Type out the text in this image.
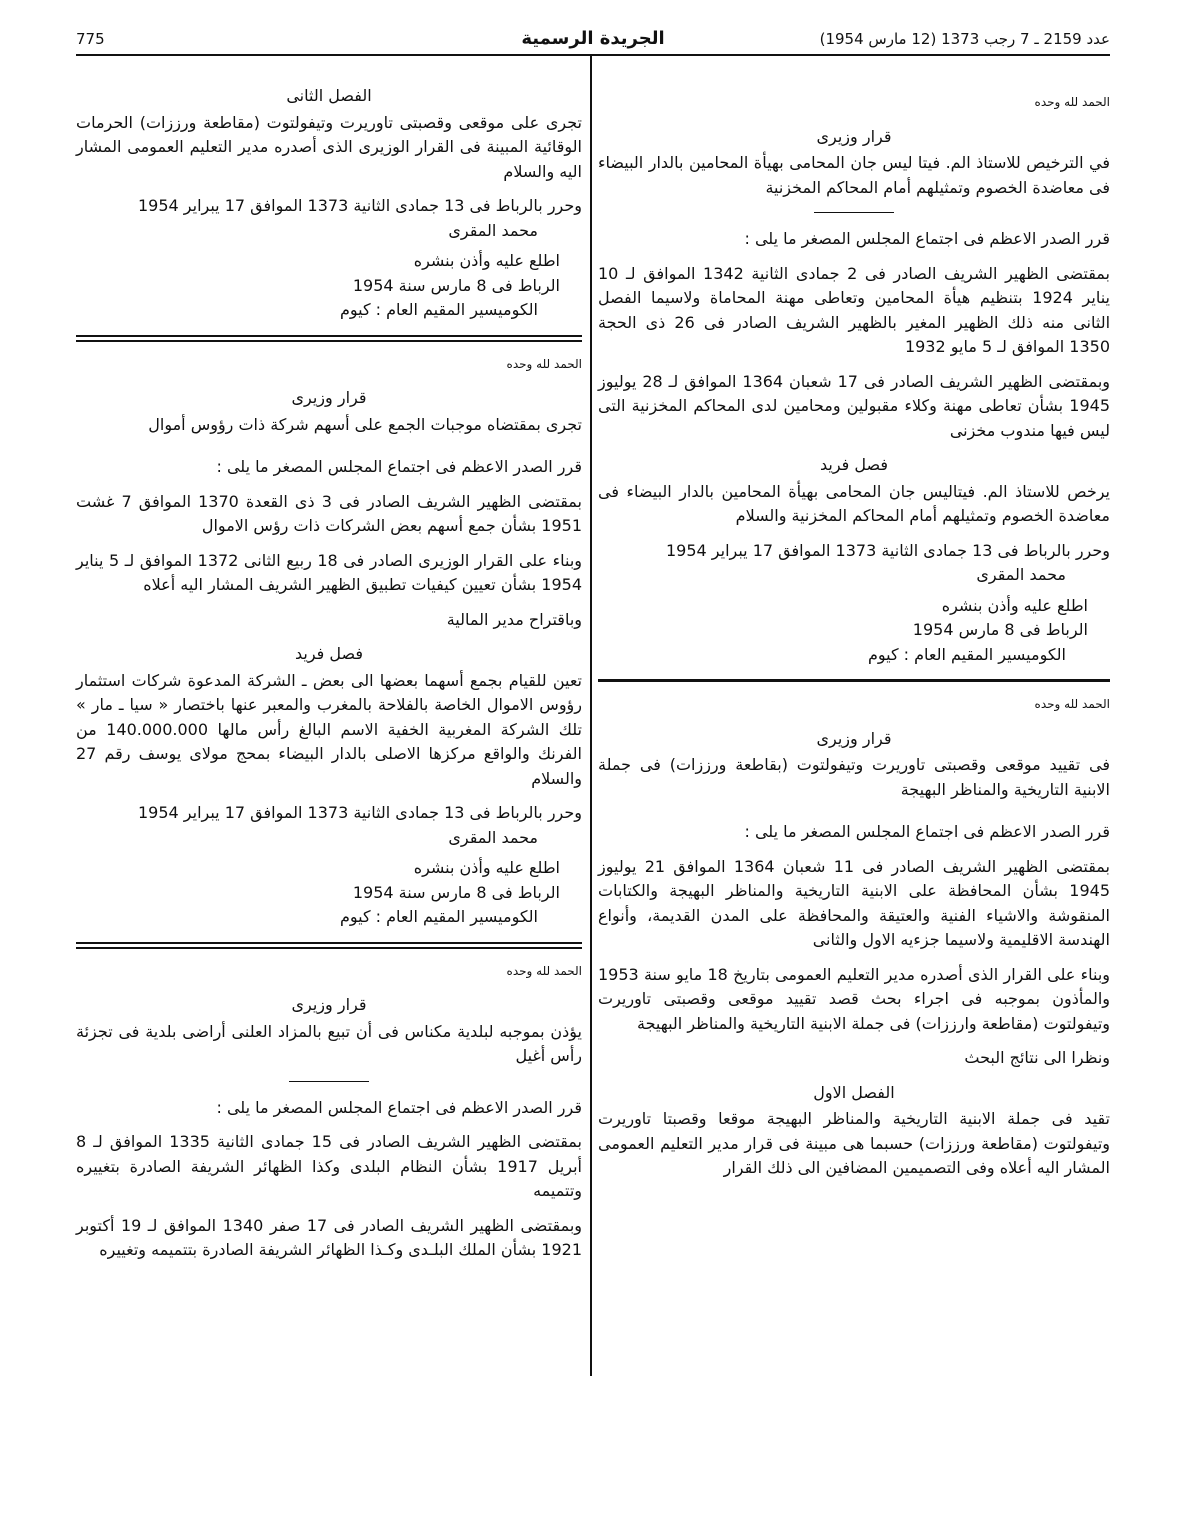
775	الجريدة الرسمية	عدد 2159 ـ 7 رجب 1373 (12 مارس 1954)
الحمد لله وحده
قرار وزيرى
في الترخيص للاستاذ الم. فيتا ليس جان المحامى بهيأة المحامين بالدار البيضاء فى معاضدة الخصوم وتمثيلهم أمام المحاكم المخزنية
قرر الصدر الاعظم فى اجتماع المجلس المصغر ما يلى :
بمقتضى الظهير الشريف الصادر فى 2 جمادى الثانية 1342 الموافق لـ 10 يناير 1924 بتنظيم هيأة المحامين وتعاطى مهنة المحاماة ولاسيما الفصل الثانى منه ذلك الظهير المغير بالظهير الشريف الصادر فى 26 ذى الحجة 1350 الموافق لـ 5 مايو 1932
وبمقتضى الظهير الشريف الصادر فى 17 شعبان 1364 الموافق لـ 28 يوليوز 1945 بشأن تعاطى مهنة وكلاء مقبولين ومحامين لدى المحاكم المخزنية التى ليس فيها مندوب مخزنى
فصل فريد
يرخص للاستاذ الم. فيتاليس جان المحامى بهيأة المحامين بالدار البيضاء فى معاضدة الخصوم وتمثيلهم أمام المحاكم المخزنية والسلام
وحرر بالرباط فى 13 جمادى الثانية 1373 الموافق 17 يبراير 1954
محمد المقرى
اطلع عليه وأذن بنشره
الرباط فى 8 مارس 1954
الكوميسير المقيم العام : كيوم
الحمد لله وحده
قرار وزيرى
فى تقييد موقعى وقصبتى تاوريرت وتيفولتوت (بقاطعة ورززات) فى جملة الابنية التاريخية والمناظر البهيجة
قرر الصدر الاعظم فى اجتماع المجلس المصغر ما يلى :
بمقتضى الظهير الشريف الصادر فى 11 شعبان 1364 الموافق 21 يوليوز 1945 بشأن المحافظة على الابنية التاريخية والمناظر البهيجة والكتابات المنقوشة والاشياء الفنية والعتيقة والمحافظة على المدن القديمة، وأنواع الهندسة الاقليمية ولاسيما جزءيه الاول والثانى
وبناء على القرار الذى أصدره مدير التعليم العمومى بتاريخ 18 مايو سنة 1953 والمأذون بموجبه فى اجراء بحث قصد تقييد موقعى وقصبتى تاوريرت وتيفولتوت (مقاطعة وارززات) فى جملة الابنية التاريخية والمناظر البهيجة
ونظرا الى نتائج البحث
الفصل الاول
تقيد فى جملة الابنية التاريخية والمناظر البهيجة موقعا وقصبتا تاوريرت وتيفولتوت (مقاطعة ورززات) حسبما هى مبينة فى قرار مدير التعليم العمومى المشار اليه أعلاه وفى التصميمين المضافين الى ذلك القرار
الفصل الثانى
تجرى على موقعى وقصبتى تاوريرت وتيفولتوت (مقاطعة ورززات) الحرمات الوقائية المبينة فى القرار الوزيرى الذى أصدره مدير التعليم العمومى المشار اليه والسلام
وحرر بالرباط فى 13 جمادى الثانية 1373 الموافق 17 يبراير 1954
محمد المقرى
اطلع عليه وأذن بنشره
الرباط فى 8 مارس سنة 1954
الكوميسير المقيم العام : كيوم
الحمد لله وحده
قرار وزيرى
تجرى بمقتضاه موجبات الجمع على أسهم شركة ذات رؤوس أموال
قرر الصدر الاعظم فى اجتماع المجلس المصغر ما يلى :
بمقتضى الظهير الشريف الصادر فى 3 ذى القعدة 1370 الموافق 7 غشت 1951 بشأن جمع أسهم بعض الشركات ذات رؤس الاموال
وبناء على القرار الوزيرى الصادر فى 18 ربيع الثانى 1372 الموافق لـ 5 يناير 1954 بشأن تعيين كيفيات تطبيق الظهير الشريف المشار اليه أعلاه
وباقتراح مدير المالية
فصل فريد
تعين للقيام بجمع أسهما بعضها الى بعض ـ الشركة المدعوة شركات استثمار رؤوس الاموال الخاصة بالفلاحة بالمغرب والمعبر عنها باختصار « سيا ـ مار » تلك الشركة المغربية الخفية الاسم البالغ رأس مالها 140.000.000 من الفرنك والواقع مركزها الاصلى بالدار البيضاء بمحج مولاى يوسف رقم 27 والسلام
وحرر بالرباط فى 13 جمادى الثانية 1373 الموافق 17 يبراير 1954
محمد المقرى
اطلع عليه وأذن بنشره
الرباط فى 8 مارس سنة 1954
الكوميسير المقيم العام : كيوم
الحمد لله وحده
قرار وزيرى
يؤذن بموجبه لبلدية مكناس فى أن تبيع بالمزاد العلنى أراضى بلدية فى تجزئة رأس أغيل
قرر الصدر الاعظم فى اجتماع المجلس المصغر ما يلى :
بمقتضى الظهير الشريف الصادر فى 15 جمادى الثانية 1335 الموافق لـ 8 أبريل 1917 بشأن النظام البلدى وكذا الظهائر الشريفة الصادرة بتغييره وتتميمه
وبمقتضى الظهير الشريف الصادر فى 17 صفر 1340 الموافق لـ 19 أكتوبر 1921 بشأن الملك البلـدى وكـذا الظهائر الشريفة الصادرة بتتميمه وتغييره
